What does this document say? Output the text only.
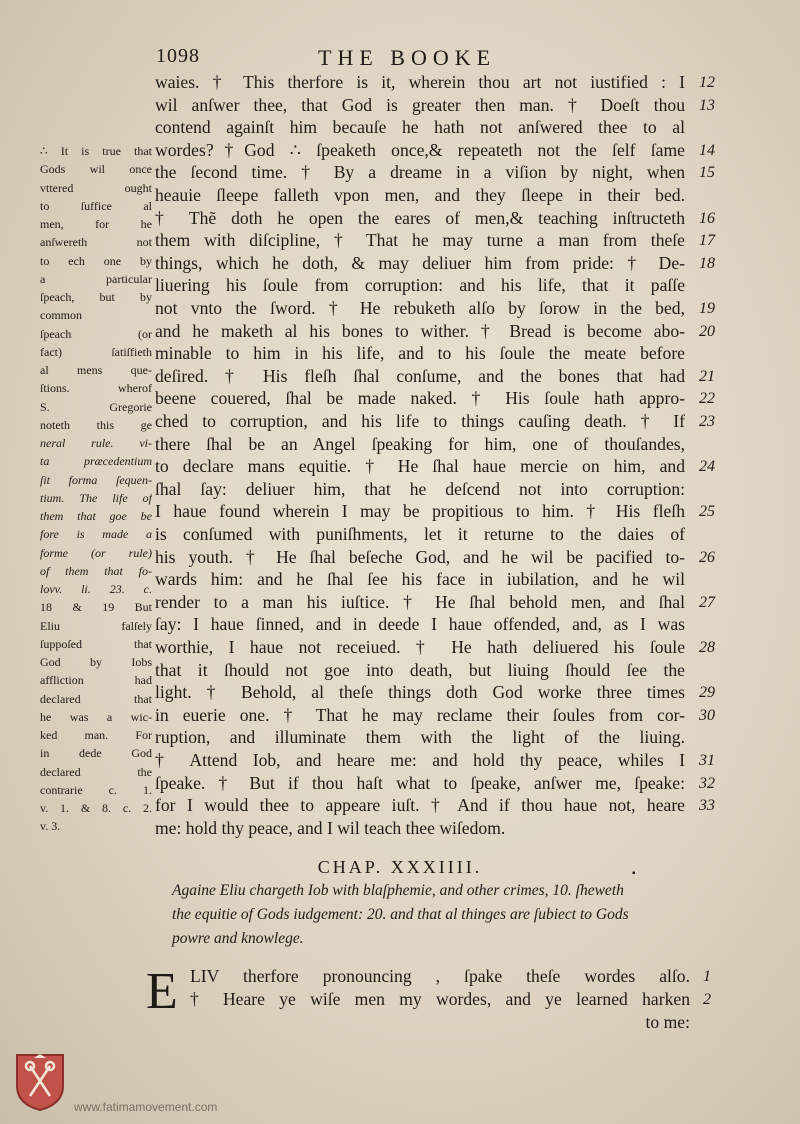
1098	THE BOOKE
waies. † This therfore is it, wherein thou art not iustified : I 12
wil anſwer thee, that God is greater then man. † Doeſt thou 13
contend againſt him becauſe he hath not anſwered thee to al
wordes?†God ∴ ſpeaketh once,& repeateth not the ſelf ſame 14
the ſecond time. † By a dreame in a viſion by night, when 15
heauie ſleepe falleth vpon men, and they ſleepe in their bed.
† Thẽ doth he open the eares of men,& teaching inſtructeth 16
them with diſcipline, † That he may turne a man from theſe 17
things, which he doth, & may deliuer him from pride: † De- 18
liuering his ſoule from corruption: and his life, that it paſſe
not vnto the ſword. † He rebuketh alſo by ſorow in the bed, 19
and he maketh al his bones to wither. † Bread is become abo- 20
minable to him in his life, and to his ſoule the meate before
deſired. † His fleſh ſhal conſume, and the bones that had 21
beene couered, ſhal be made naked. † His ſoule hath appro- 22
ched to corruption, and his life to things cauſing death. † If 23
there ſhal be an Angel ſpeaking for him, one of thouſandes,
to declare mans equitie. † He ſhal haue mercie on him, and 24
ſhal ſay: deliuer him, that he deſcend not into corruption:
I haue found wherein I may be propitious to him. † His fleſh 25
is conſumed with puniſhments, let it returne to the daies of
his youth. † He ſhal beſeche God, and he wil be pacified to- 26
wards him: and he ſhal ſee his face in iubilation, and he wil
render to a man his iuſtice. † He ſhal behold men, and ſhal 27
ſay: I haue ſinned, and in deede I haue offended, and, as I was
worthie, I haue not receiued. † He hath deliuered his ſoule 28
that it ſhould not goe into death, but liuing ſhould ſee the
light. † Behold, al theſe things doth God worke three times 29
in euerie one. † That he may reclame their ſoules from cor- 30
ruption, and illuminate them with the light of the liuing.
† Attend Iob, and heare me: and hold thy peace, whiles I 31
ſpeake. † But if thou haſt what to ſpeake, anſwer me, ſpeake: 32
for I would thee to appeare iuſt. † And if thou haue not, heare 33
me: hold thy peace, and I wil teach thee wiſedom.
∴ It is true that
Gods wil once
vttered ought
to ſuffice al
men, for he
anſwereth not
to ech one by
a particular
ſpeach, but by
common
ſpeach (or
fact) ſatiſfieth
al mens que-
ſtions. wherof
S. Gregorie
noteth this ge
neral rule. vi-
ta præcedentium
ſit forma ſequen-
tium. The life of
them that goe be
fore is made a
forme (or rule)
of them that fo-
lovv. li. 23. c.
18 & 19 But
Eliu falſely
ſuppoſed that
God by Iobs
affliction had
declared that
he was a wic-
ked man. For
in dede God
declared the
contrarie c. 1.
v. 1. & 8. c. 2.
v. 3.
CHAP. XXXIIII.	▪
Againe Eliu chargeth Iob with blaſphemie, and other crimes, 10. ſheweth
the equitie of Gods iudgement: 20. and that al thinges are ſubiect to Gods
powre and knowlege.
E LIV therfore pronouncing , ſpake theſe wordes alſo. 1
† Heare ye wiſe men my wordes, and ye learned harken 2
to me:
www.fatimamovement.com
